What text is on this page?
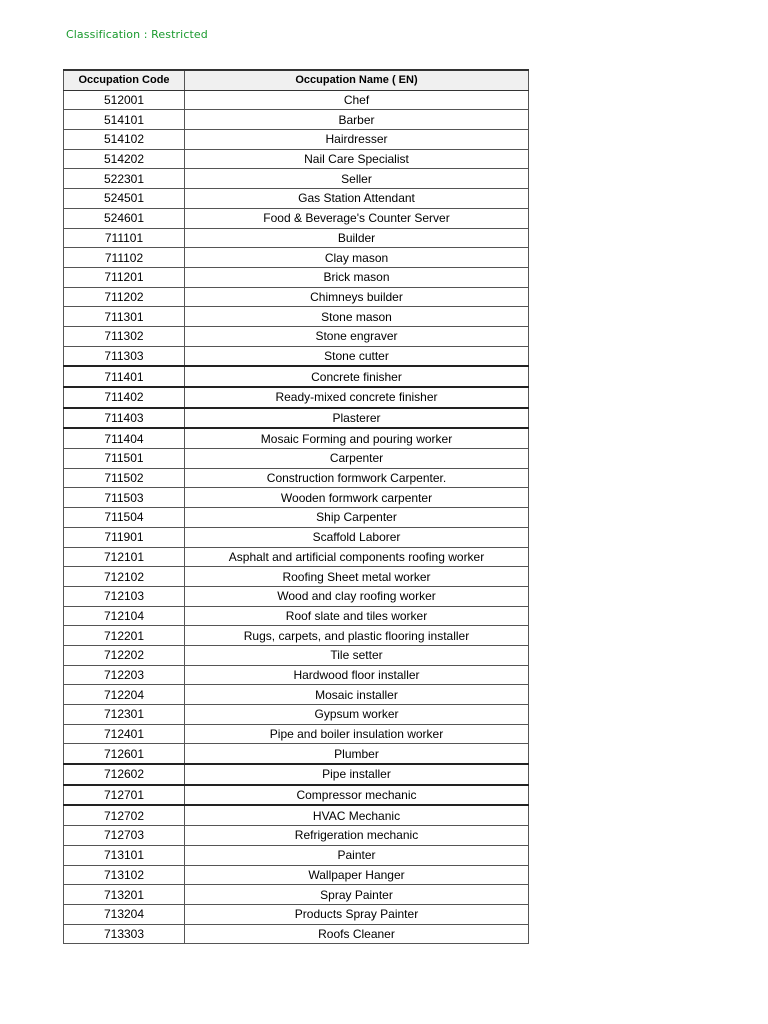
Classification : Restricted
Occupation Code	Occupation Name ( EN)
512001	Chef
514101	Barber
514102	Hairdresser
514202	Nail Care Specialist
522301	Seller
524501	Gas Station Attendant
524601	Food & Beverage's Counter Server
711101	Builder
711102	Clay mason
711201	Brick mason
711202	Chimneys builder
711301	Stone mason
711302	Stone engraver
711303	Stone cutter
711401	Concrete finisher
711402	Ready-mixed concrete finisher
711403	Plasterer
711404	Mosaic Forming and pouring worker
711501	Carpenter
711502	Construction formwork Carpenter.
711503	Wooden formwork carpenter
711504	Ship Carpenter
711901	Scaffold Laborer
712101	Asphalt and artificial components roofing worker
712102	Roofing Sheet metal worker
712103	Wood and clay roofing worker
712104	Roof slate and tiles worker
712201	Rugs, carpets, and plastic flooring installer
712202	Tile setter
712203	Hardwood floor installer
712204	Mosaic installer
712301	Gypsum worker
712401	Pipe and boiler insulation worker
712601	Plumber
712602	Pipe installer
712701	Compressor mechanic
712702	HVAC Mechanic
712703	Refrigeration mechanic
713101	Painter
713102	Wallpaper Hanger
713201	Spray Painter
713204	Products Spray Painter
713303	Roofs Cleaner
